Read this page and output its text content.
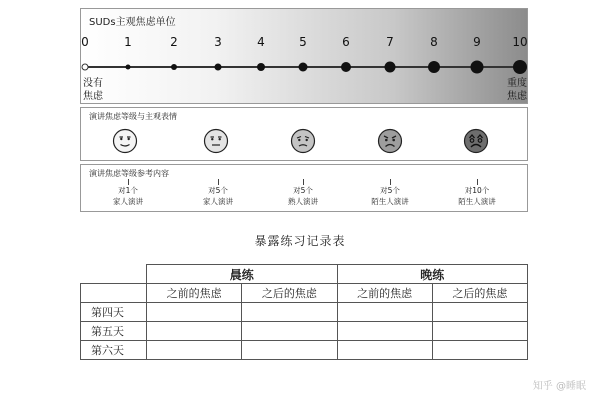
SUDs主观焦虑单位
0	1	2	3	4	5	6	7	8	9	10
没有
焦虑
重度
焦虑
演讲焦虑等级与主观表情
演讲焦虑等级参考内容
对1个
家人演讲
对5个
家人演讲
对5个
熟人演讲
对5个
陌生人演讲
对10个
陌生人演讲
暴露练习记录表
	晨练		晚练	
	之前的焦虑	之后的焦虑	之前的焦虑	之后的焦虑
第四天				
第五天				
第六天				
知乎 @睡眠
